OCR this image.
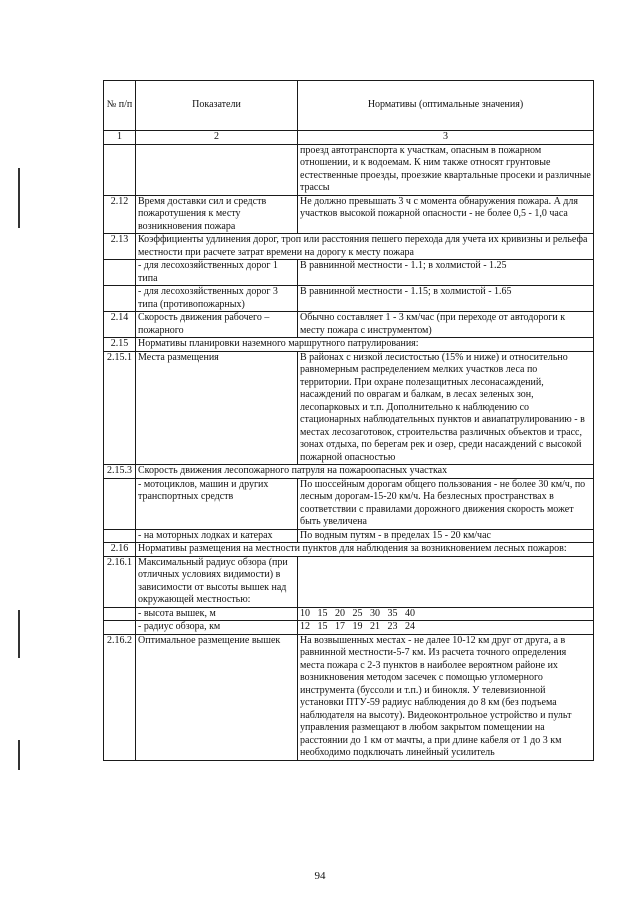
№ п/п	Показатели	Нормативы (оптимальные значения)
1	2	3
		проезд автотранспорта к участкам, опасным в пожарном отношении, и к водоемам. К ним также относят грунтовые естественные проезды, проезжие квартальные просеки и различные трассы
2.12	Время доставки сил и средств пожаротушения к месту возникновения пожара	Не должно превышать 3 ч с момента обнаружения пожара. А для участков высокой пожарной опасности - не более 0,5 - 1,0 часа
2.13	Коэффициенты удлинения дорог, троп или расстояния пешего перехода для учета их кривизны и рельефа местности при расчете затрат времени на дорогу к месту пожара	
	- для лесохозяйственных дорог 1 типа	В равнинной местности - 1.1; в холмистой - 1.25
	- для лесохозяйственных дорог 3 типа (противопожарных)	В равнинной местности - 1.15; в холмистой - 1.65
2.14	Скорость движения рабочего – пожарного	Обычно составляет 1 - 3 км/час (при переходе от автодороги к месту пожара с инструментом)
2.15	Нормативы планировки наземного маршрутного патрулирования:	
2.15.1	Места размещения	В районах с низкой лесистостью (15% и ниже) и относительно равномерным распределением мелких участков леса по территории. При охране полезащитных лесонасаждений, насаждений по оврагам и балкам, в лесах зеленых зон, лесопарковых и т.п. Дополнительно к наблюдению со стационарных наблюдательных пунктов и авиапатрулированию - в местах лесозаготовок, строительства различных объектов и трасс, зонах отдыха, по берегам рек и озер, среди насаждений с высокой пожарной опасностью
2.15.3	Скорость движения лесопожарного патруля на пожароопасных участках	
	- мотоциклов, машин и других транспортных средств	По шоссейным дорогам общего пользования - не более 30 км/ч, по лесным дорогам-15-20 км/ч. На безлесных пространствах в соответствии с правилами дорожного движения скорость может быть увеличена
	- на моторных лодках и катерах	По водным путям - в пределах 15 - 20 км/час
2.16	Нормативы размещения на местности пунктов для наблюдения за возникновением лесных пожаров:	
2.16.1	Максимальный радиус обзора (при отличных условиях видимости) в зависимости от высоты вышек над окружающей местностью:	
	- высота вышек, м	10 15 20 25 30 35 40
	- радиус обзора, км	12 15 17 19 21 23 24
2.16.2	Оптимальное размещение вышек	На возвышенных местах - не далее 10-12 км друг от друга, а в равнинной местности-5-7 км. Из расчета точного определения места пожара с 2-3 пунктов в наиболее вероятном районе их возникновения методом засечек с помощью угломерного инструмента (буссоли и т.п.) и бинокля. У телевизионной установки ПТУ-59 радиус наблюдения до 8 км (без подъема наблюдателя на высоту). Видеоконтрольное устройство и пульт управления размещают в любом закрытом помещении на расстоянии до 1 км от мачты, а при длине кабеля от 1 до 3 км необходимо подключать линейный усилитель
94
